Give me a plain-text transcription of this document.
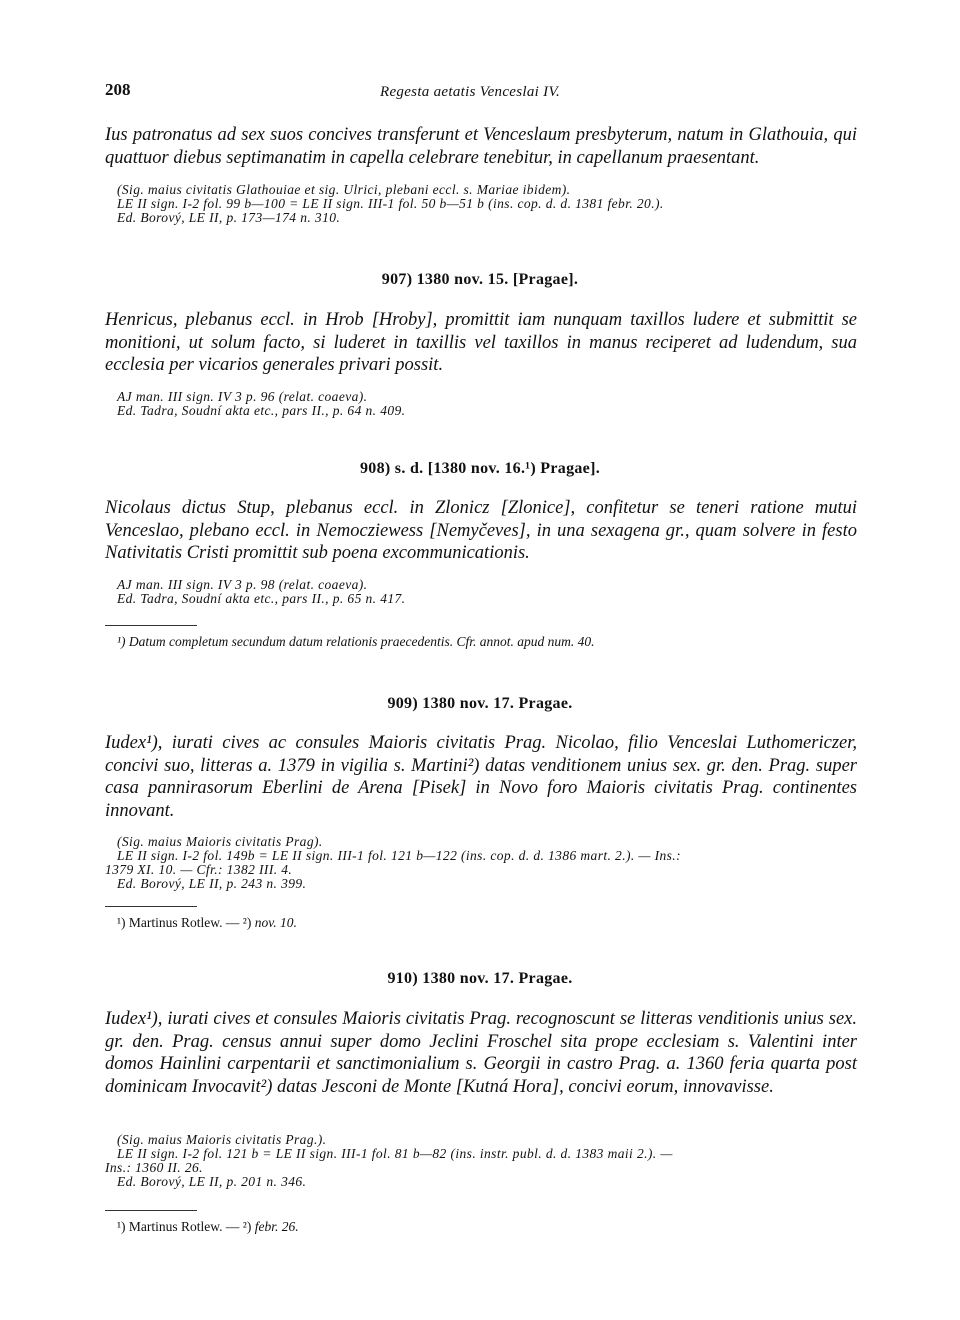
208	Regesta aetatis Venceslai IV.
Ius patronatus ad sex suos concives transferunt et Venceslaum presbyterum, natum in Glathouia, qui quattuor diebus septimanatim in capella celebrare tenebitur, in capellanum praesentant.
(Sig. maius civitatis Glathouiae et sig. Ulrici, plebani eccl. s. Mariae ibidem).
LE II sign. I-2 fol. 99 b—100 = LE II sign. III-1 fol. 50 b—51 b (ins. cop. d. d. 1381 febr. 20.).
Ed. Borový, LE II, p. 173—174 n. 310.
907) 1380 nov. 15. [Pragae].
Henricus, plebanus eccl. in Hrob [Hroby], promittit iam nunquam taxillos ludere et submittit se monitioni, ut solum facto, si luderet in taxillis vel taxillos in manus reciperet ad ludendum, sua ecclesia per vicarios generales privari possit.
AJ man. III sign. IV 3 p. 96 (relat. coaeva).
Ed. Tadra, Soudní akta etc., pars II., p. 64 n. 409.
908) s. d. [1380 nov. 16.¹) Pragae].
Nicolaus dictus Stup, plebanus eccl. in Zlonicz [Zlonice], confitetur se teneri ratione mutui Venceslao, plebano eccl. in Nemocziewess [Nemyčeves], in una sexagena gr., quam solvere in festo Nativitatis Cristi promittit sub poena excommunicationis.
AJ man. III sign. IV 3 p. 98 (relat. coaeva).
Ed. Tadra, Soudní akta etc., pars II., p. 65 n. 417.
¹) Datum completum secundum datum relationis praecedentis. Cfr. annot. apud num. 40.
909) 1380 nov. 17. Pragae.
Iudex¹), iurati cives ac consules Maioris civitatis Prag. Nicolao, filio Venceslai Luthomericzer, concivi suo, litteras a. 1379 in vigilia s. Martini²) datas venditionem unius sex. gr. den. Prag. super casa pannirasorum Eberlini de Arena [Pisek] in Novo foro Maioris civitatis Prag. continentes innovant.
(Sig. maius Maioris civitatis Prag).
LE II sign. I-2 fol. 149b = LE II sign. III-1 fol. 121 b—122 (ins. cop. d. d. 1386 mart. 2.). — Ins.:
1379 XI. 10. — Cfr.: 1382 III. 4.
Ed. Borový, LE II, p. 243 n. 399.
¹) Martinus Rotlew. — ²) nov. 10.
910) 1380 nov. 17. Pragae.
Iudex¹), iurati cives et consules Maioris civitatis Prag. recognoscunt se litteras venditionis unius sex. gr. den. Prag. census annui super domo Jeclini Froschel sita prope ecclesiam s. Valentini inter domos Hainlini carpentarii et sanctimonialium s. Georgii in castro Prag. a. 1360 feria quarta post dominicam Invocavit²) datas Jesconi de Monte [Kutná Hora], concivi eorum, innovavisse.
(Sig. maius Maioris civitatis Prag.).
LE II sign. I-2 fol. 121 b = LE II sign. III-1 fol. 81 b—82 (ins. instr. publ. d. d. 1383 maii 2.). —
Ins.: 1360 II. 26.
Ed. Borový, LE II, p. 201 n. 346.
¹) Martinus Rotlew. — ²) febr. 26.
